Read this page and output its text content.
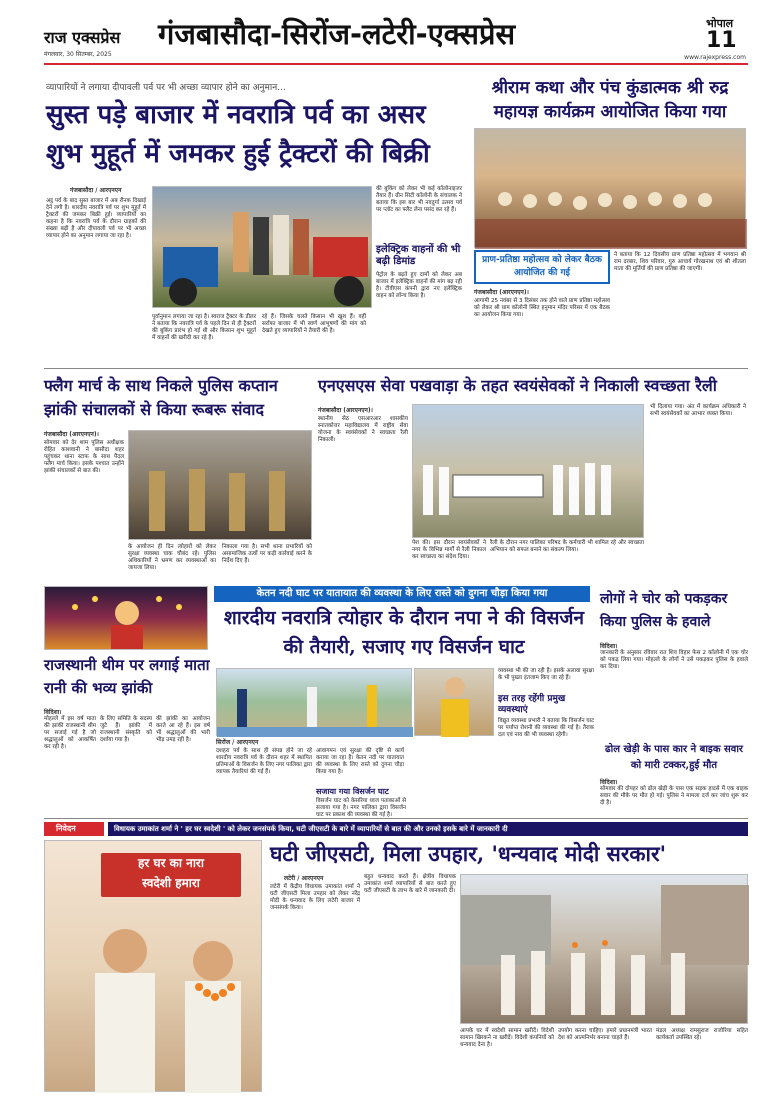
राज एक्सप्रेस
मंगलवार, 30 सितम्बर, 2025
गंजबासौदा-सिरोंज-लटेरी-एक्सप्रेस	भोपाल
11
www.rajexpress.com
व्यापारियों ने लगाया दीपावली पर्व पर भी अच्छा व्यापार होने का अनुमान...
सुस्त पड़े बाजार में नवरात्रि पर्व का असर शुभ मुहूर्त में जमकर हुई ट्रैक्टरों की बिक्री
गंजबासौदा / आरएनएन
अट्ठ पर्व के बाद सुस्त बाजार में अब रौनक दिखाई देने लगी है। शारदीय नवरात्रि पर्व पर शुभ मुहूर्त में ट्रैक्टरों की जमकर बिक्री हुई। व्यापारियों का कहना है कि नवरात्रि पर्व के दौरान ग्राहकों की संख्या बढ़ी है और दीपावली पर्व पर भी अच्छा व्यापार होने का अनुमान लगाया जा रहा है।
पूर्वानुमान लगाया जा रहा है। स्वराज ट्रैक्टर के डीलर ने बताया कि नवरात्रि पर्व के पहले दिन से ही ट्रैक्टरों की बुकिंग प्रारंभ हो गई थी और किसान शुभ मुहूर्त में वाहनों की खरीदी कर रहे हैं।
रहे हैं। जिसके चलते किसान भी खुश हैं। वहीं सर्राफा बाजार में भी स्वर्ण आभूषणों की मांग को देखते हुए व्यापारियों ने तैयारी की है।
की बुकिंग को लेकर भी कई कॉलोनाइजर तैयार हैं। ग्रीन सिटी कॉलोनी के संचालक ने बताया कि इस बार भी नवदुर्गा उत्सव पर्व पर प्लॉट का फ्लैट लेना पसंद कर रहे हैं।
इलेक्ट्रिक वाहनों की भी बढ़ी डिमांड
पेट्रोल के बढ़ते हुए दामों को लेकर अब बाजार में इलेक्ट्रिक वाहनों की मांग बढ़ रही है। टीवीएस कंपनी द्वारा नए इलेक्ट्रिक वाहन को लॉन्च किया है।
श्रीराम कथा और पंच कुंडात्मक श्री रुद्र महायज्ञ कार्यक्रम आयोजित किया गया
प्राण-प्रतिष्ठा महोत्सव को लेकर बैठक आयोजित की गई
गंजबासौदा (आरएनएन)।
आगामी 25 नवंबर से 3 दिसंबर तक होने वाले प्राण प्रतिष्ठा महोत्सव को लेकर श्री धाम कॉलोनी स्थित हनुमान मंदिर परिसर में एक बैठक का आयोजन किया गया।
ने बताया कि 12 दिवसीय प्राण प्रतिष्ठा महोत्सव में भगवान श्री राम दरबार, शिव परिवार, गुरु आचार्य गोरखनाथ एवं श्री शीतला माता की मूर्तियों की प्राण प्रतिष्ठा की जाएगी।
फ्लैग मार्च के साथ निकले पुलिस कप्तान झांकी संचालकों से किया रूबरू संवाद
गंजबासौदा (आरएनएन)।
सोमवार को देर शाम पुलिस अधीक्षक रोहित काशवानी ने बासौदा शहर पहुंचकर थाना स्टाफ के साथ पैदल फ्लैग मार्च किया। इसके पश्चात उन्होंने झांकी संचालकों से बात की।
के आयोजन ही दिन त्योहारों को लेकर सुरक्षा व्यवस्था चाक चौबंद रहे। पुलिस अधिकारियों ने भ्रमण कर व्यवस्थाओं का जायजा लिया।
निकाला गया है। सभी थाना प्रभारियों को असामाजिक तत्वों पर कड़ी कार्रवाई करने के निर्देश दिए हैं।
एनएसएस सेवा पखवाड़ा के तहत स्वयंसेवकों ने निकाली स्वच्छता रैली
गंजबासौदा (आरएनएन)।
स्थानीय सेठ एसआरआर शासकीय स्नातकोत्तर महाविद्यालय में राष्ट्रीय सेवा योजना के स्वयंसेवकों ने स्वच्छता रैली निकाली।
पेश की। इस दौरान स्वयंसेवकों ने नगर के विभिन्न मार्गों से रैली निकाल कर स्वच्छता का संदेश दिया।
रैली के दौरान नगर पालिका परिषद के कर्मचारी भी शामिल रहे और स्वच्छता अभियान को सफल बनाने का संकल्प लिया।
भी दिलाया गया। अंत में कार्यक्रम अधिकारी ने सभी स्वयंसेवकों का आभार व्यक्त किया।
केतन नदी घाट पर यातायात की व्यवस्था के लिए रास्ते को दुगना चौड़ा किया गया
राजस्थानी थीम पर लगाई माता रानी की भव्य झांकी
विदिशा।
मोहल्ले में इस वर्ष माता की झांकी राजस्थानी थीम पर सजाई गई है जो श्रद्धालुओं को आकर्षित कर रही है।
के लिए समिति के सदस्य जुटे हैं। झांकी में राजस्थानी संस्कृति को दर्शाया गया है।
की झांकी का आयोजन करते आ रहे हैं। इस वर्ष भी श्रद्धालुओं की भारी भीड़ उमड़ रही है।
शारदीय नवरात्रि त्योहार के दौरान नपा ने की विसर्जन की तैयारी, सजाए गए विसर्जन घाट
सिरोंज / आरएनएन
दशहरा पर्व के साथ ही संपन्न होने जा रहे शारदीय नवरात्रि पर्व के दौरान शहर में स्थापित प्रतिमाओं के विसर्जन के लिए नगर पालिका द्वारा व्यापक तैयारियां की गई हैं।
आवागमन एवं सुरक्षा की दृष्टि से कार्य कराया जा रहा है। केतन नदी पर यातायात की व्यवस्था के लिए रास्ते को दुगना चौड़ा किया गया है।
सजाया गया विसर्जन घाट
विसर्जन घाट को केसरिया ध्वज पताकाओं से सजाया गया है। नगर पालिका द्वारा विसर्जन घाट पर प्रकाश की व्यवस्था की गई है।
व्यवस्था भी की जा रही है। इसके अलावा सुरक्षा के भी पुख्ता इंतजाम किए जा रहे हैं।
इस तरह रहेंगी प्रमुख व्यवस्थाएं
विद्युत व्यवस्था प्रभारी ने बताया कि विसर्जन घाट पर पर्याप्त रोशनी की व्यवस्था की गई है। तैराक दल एवं नाव की भी व्यवस्था रहेगी।
लोगों ने चोर को पकड़कर किया पुलिस के हवाले
विदिशा।
जानकारी के अनुसार रविवार रात शिव विहार फेस 2 कॉलोनी में एक चोर को पकड़ लिया गया। मोहल्ले के लोगों ने उसे पकड़कर पुलिस के हवाले कर दिया।
ढोल खेड़ी के पास कार ने बाइक सवार को मारी टक्कर,हुई मौत
विदिशा।
सोमवार की दोपहर को ढोल खेड़ी के पास एक सड़क हादसे में एक बाइक सवार की मौके पर मौत हो गई। पुलिस ने मामला दर्ज कर जांच शुरू कर दी है।
निवेदन	विधायक उमाकांत शर्मा ने ' हर घर स्वदेशी ' को लेकर जनसंपर्क किया, घटी जीएसटी के बारे में व्यापारियों से बात की और उनको इसके बारे में जानकारी दी
हर घर का नारा
स्वदेशी हमारा
घटी जीएसटी, मिला उपहार, 'धन्यवाद मोदी सरकार'
लटेरी / आरएनएन
लटेरी में केंद्रीय विधायक उमाकांत शर्मा ने घटी जीएसटी मिला उपहार को लेकर नरेंद्र मोदी के धन्यवाद के लिए लटेरी बाजार में जनसंपर्क किया।
बहुत धन्यवाद करते हैं। क्षेत्रीय विधायक उमाकांत शर्मा व्यापारियों से बात करते हुए घटी जीएसटी के लाभ के बारे में जानकारी दी।
आपके घर में स्वदेशी सामान खरीदें। विदेशी सामान खिरकने ना खरीदें। विदेशी कंपनियों को धन्यवाद देना है।
उपयोग करना चाहिए। हमारे प्रधानमंत्री भारत देश को आत्मनिर्भर बनाना चाहते हैं।
मंडल अध्यक्ष रामसुराज राजोरिया सहित कार्यकर्ता उपस्थित रहे।
